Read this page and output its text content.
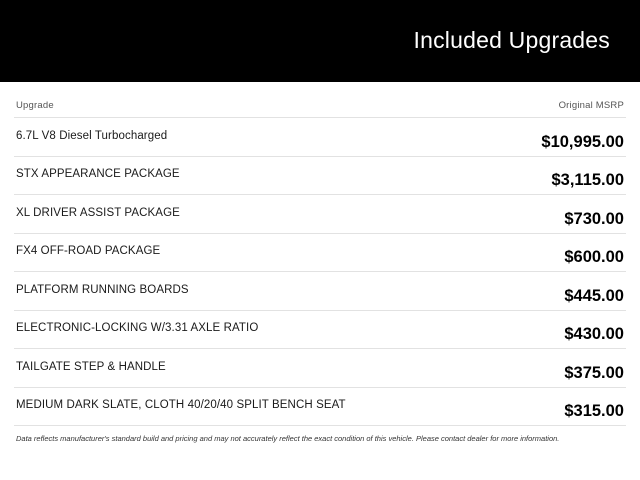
Included Upgrades
Upgrade	Original MSRP
6.7L V8 Diesel Turbocharged	$10,995.00
STX APPEARANCE PACKAGE	$3,115.00
XL DRIVER ASSIST PACKAGE	$730.00
FX4 OFF-ROAD PACKAGE	$600.00
PLATFORM RUNNING BOARDS	$445.00
ELECTRONIC-LOCKING W/3.31 AXLE RATIO	$430.00
TAILGATE STEP & HANDLE	$375.00
MEDIUM DARK SLATE, CLOTH 40/20/40 SPLIT BENCH SEAT	$315.00
Data reflects manufacturer's standard build and pricing and may not accurately reflect the exact condition of this vehicle. Please contact dealer for more information.
